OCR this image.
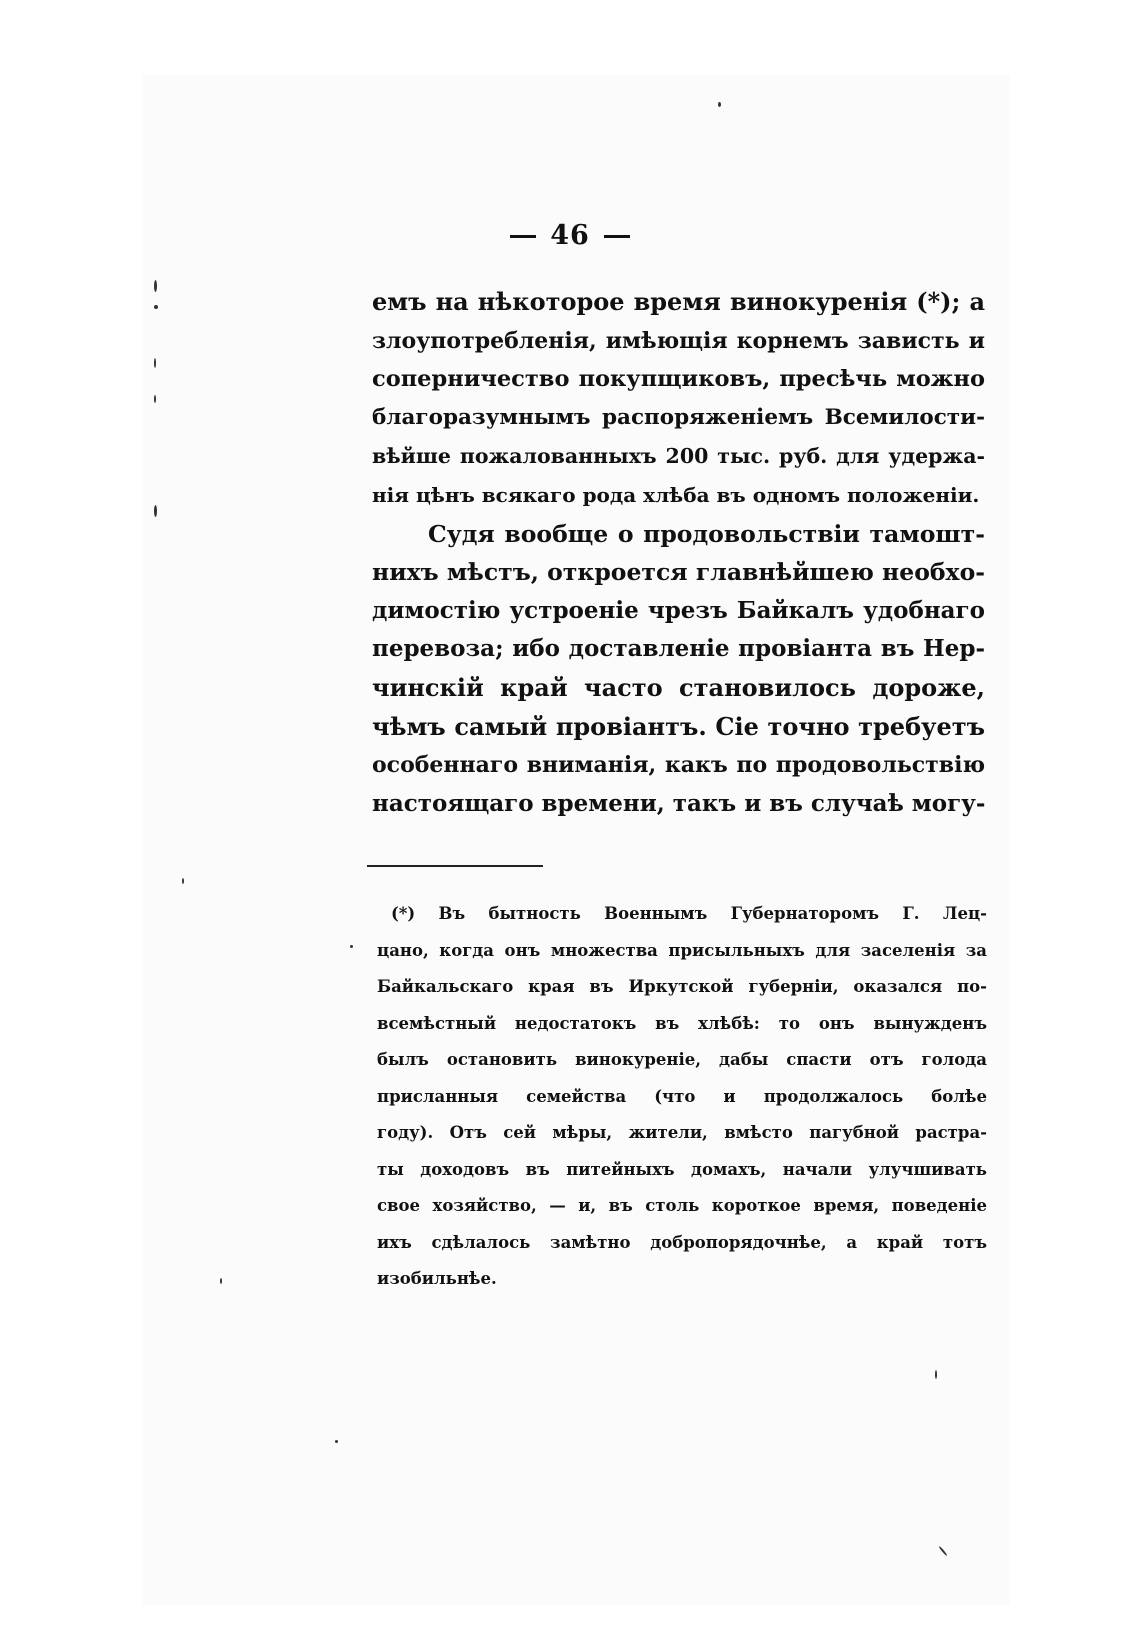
46
емъ на нѣкоторое время винокуренія (*); а
злоупотребленія, имѣющія корнемъ зависть и
соперничество покупщиковъ, пресѣчь можно
благоразумнымъ распоряженіемъ Всемилости-
вѣйше пожалованныхъ 200 тыс. руб. для удержа-
нія цѣнъ всякаго рода хлѣба въ одномъ положеніи.
Судя вообще о продовольствіи тамошт-
нихъ мѣстъ, откроется главнѣйшею необхо-
димостію устроеніе чрезъ Байкалъ удобнаго
перевоза; ибо доставленіе провіанта въ Нер-
чинскій край часто становилось дороже,
чѣмъ самый провіантъ. Сіе точно требуетъ
особеннаго вниманія, какъ по продовольствію
настоящаго времени, такъ и въ случаѣ могу-
(*) Въ бытность Военнымъ Губернаторомъ Г. Лец-
цано, когда онъ множества присыльныхъ для заселенія за
Байкальскаго края въ Иркутской губерніи, оказался по-
всемѣстный недостатокъ въ хлѣбѣ: то онъ вынужденъ
былъ остановить винокуреніе, дабы спасти отъ голода
присланныя семейства (что и продолжалось болѣе
году). Отъ сей мѣры, жители, вмѣсто пагубной растра-
ты доходовъ въ питейныхъ домахъ, начали улучшивать
свое хозяйство, — и, въ столь короткое время, поведеніе
ихъ сдѣлалось замѣтно добропорядочнѣе, а край тотъ
изобильнѣе.
